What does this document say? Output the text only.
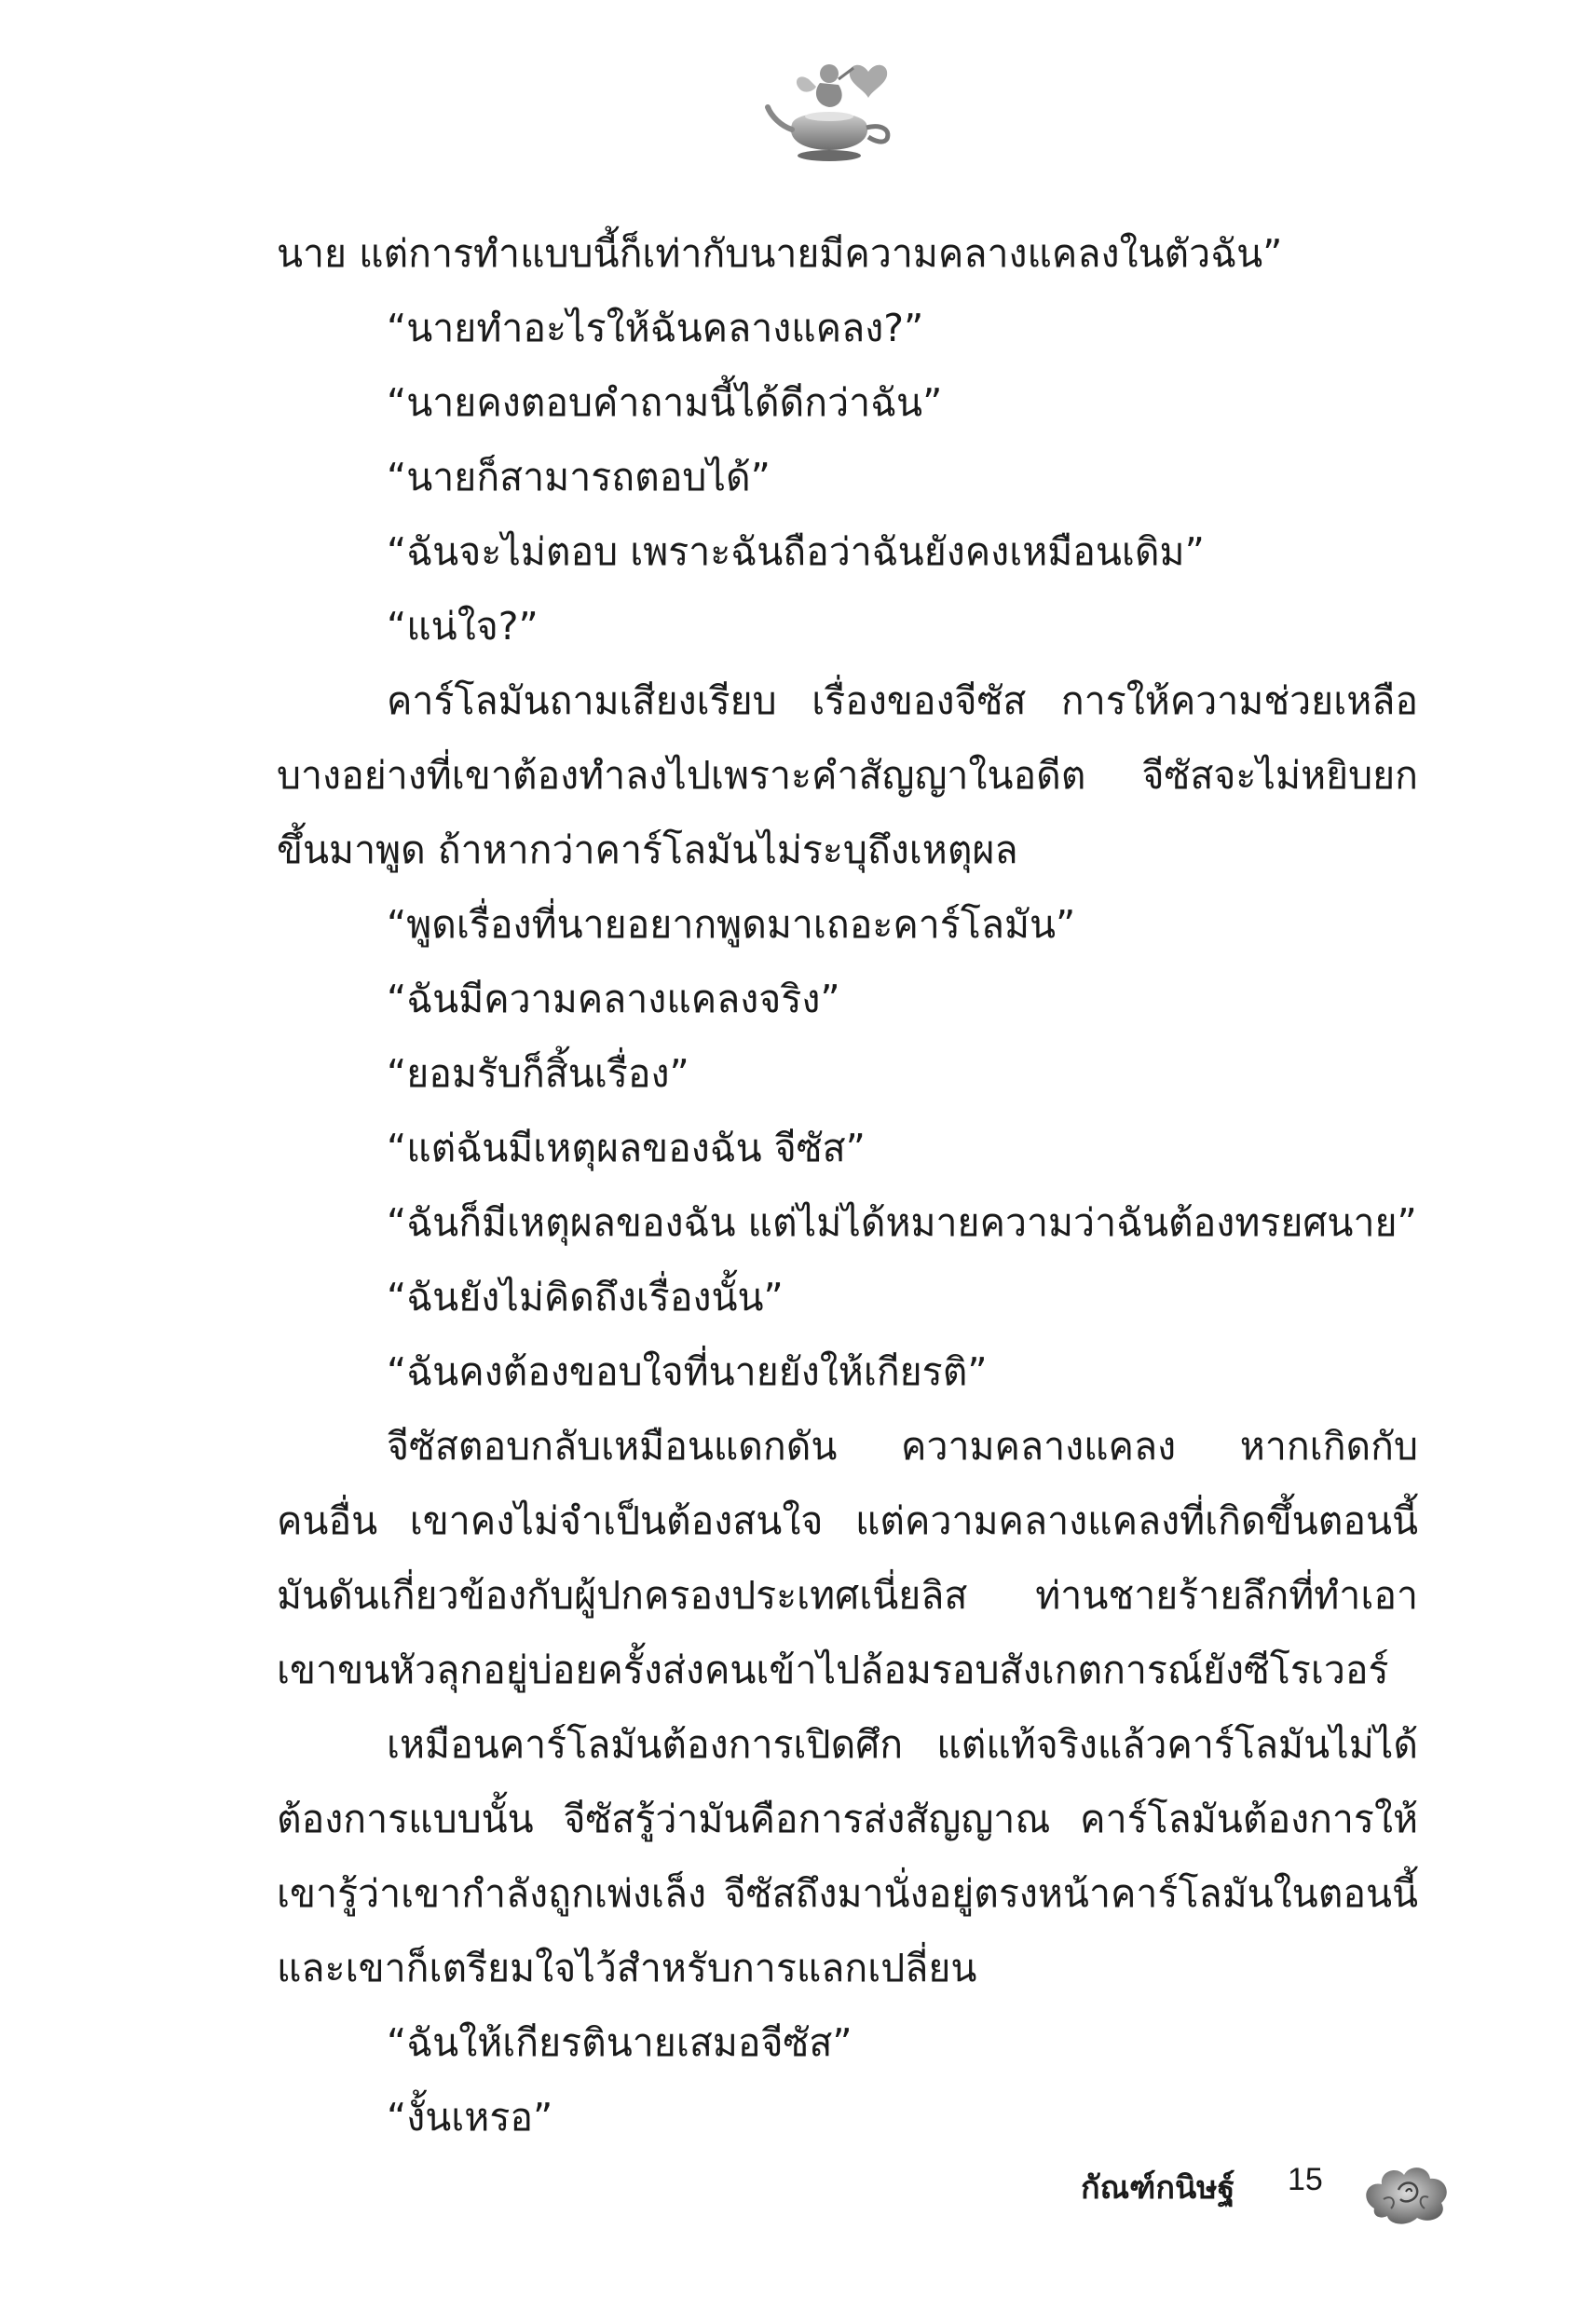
นาย แต่การทำแบบนี้ก็เท่ากับนายมีความคลางแคลงในตัวฉัน”
“นายทำอะไรให้ฉันคลางแคลง?”
“นายคงตอบคำถามนี้ได้ดีกว่าฉัน”
“นายก็สามารถตอบได้”
“ฉันจะไม่ตอบ เพราะฉันถือว่าฉันยังคงเหมือนเดิม”
“แน่ใจ?”
คาร์โลมันถามเสียงเรียบ เรื่องของจีซัส การให้ความช่วยเหลือ
บางอย่างที่เขาต้องทำลงไปเพราะคำสัญญาในอดีต จีซัสจะไม่หยิบยก
ขึ้นมาพูด ถ้าหากว่าคาร์โลมันไม่ระบุถึงเหตุผล
“พูดเรื่องที่นายอยากพูดมาเถอะคาร์โลมัน”
“ฉันมีความคลางแคลงจริง”
“ยอมรับก็สิ้นเรื่อง”
“แต่ฉันมีเหตุผลของฉัน จีซัส”
“ฉันก็มีเหตุผลของฉัน แต่ไม่ได้หมายความว่าฉันต้องทรยศนาย”
“ฉันยังไม่คิดถึงเรื่องนั้น”
“ฉันคงต้องขอบใจที่นายยังให้เกียรติ”
จีซัสตอบกลับเหมือนแดกดัน ความคลางแคลง หากเกิดกับ
คนอื่น เขาคงไม่จำเป็นต้องสนใจ แต่ความคลางแคลงที่เกิดขึ้นตอนนี้
มันดันเกี่ยวข้องกับผู้ปกครองประเทศเนี่ยลิส ท่านชายร้ายลึกที่ทำเอา
เขาขนหัวลุกอยู่บ่อยครั้งส่งคนเข้าไปล้อมรอบสังเกตการณ์ยังซีโรเวอร์
เหมือนคาร์โลมันต้องการเปิดศึก แต่แท้จริงแล้วคาร์โลมันไม่ได้
ต้องการแบบนั้น จีซัสรู้ว่ามันคือการส่งสัญญาณ คาร์โลมันต้องการให้
เขารู้ว่าเขากำลังถูกเพ่งเล็ง จีซัสถึงมานั่งอยู่ตรงหน้าคาร์โลมันในตอนนี้
และเขาก็เตรียมใจไว้สำหรับการแลกเปลี่ยน
“ฉันให้เกียรตินายเสมอจีซัส”
“งั้นเหรอ”
กัณฑ์กนิษฐ์ 15
